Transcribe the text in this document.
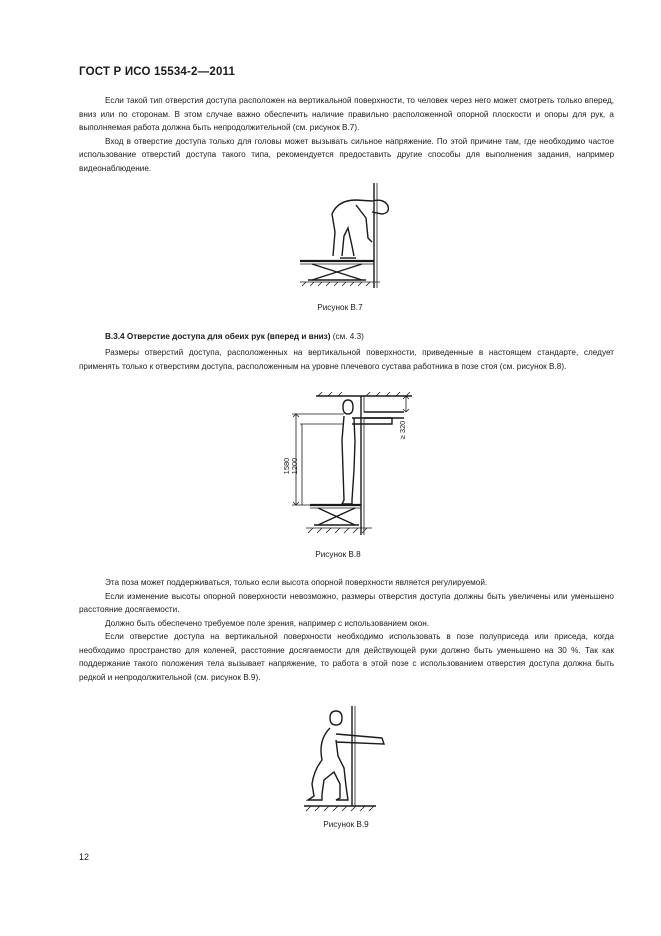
ГОСТ Р ИСО 15534-2—2011

Если такой тип отверстия доступа расположен на вертикальной поверхности, то человек через него может смотреть только вперед, вниз или по сторонам. В этом случае важно обеспечить наличие правильно расположенной опорной плоскости и опоры для рук, а выполняемая работа должна быть непродолжительной (см. рисунок В.7).

Вход в отверстие доступа только для головы может вызывать сильное напряжение. По этой причине там, где необходимо частое использование отверстий доступа такого типа, рекомендуется предоставить другие способы для выполнения задания, например видеонаблюдение.

Рисунок В.7
В.3.4 Отверстие доступа для обеих рук (вперед и вниз) (см. 4.3)

Размеры отверстий доступа, расположенных на вертикальной поверхности, приведенные в настоящем стандарте, следует применять только к отверстиям доступа, расположенным на уровне плечевого сустава работника в позе стоя (см. рисунок В.8).

1580 1200
≥ 320
Рисунок В.8

Эта поза может поддерживаться, только если высота опорной поверхности является регулируемой.

Если изменение высоты опорной поверхности невозможно, размеры отверстия доступа должны быть увеличены или уменьшено расстояние досягаемости.

Должно быть обеспечено требуемое поле зрения, например с использованием окон.

Если отверстие доступа на вертикальной поверхности необходимо использовать в позе полуприседа или приседа, когда необходимо пространство для коленей, расстояние досягаемости для действующей руки должно быть уменьшено на 30 %. Так как поддержание такого положения тела вызывает напряжение, то работа в этой позе с использованием отверстия доступа должна быть редкой и непродолжительной (см. рисунок В.9).

Рисунок В.9
12
